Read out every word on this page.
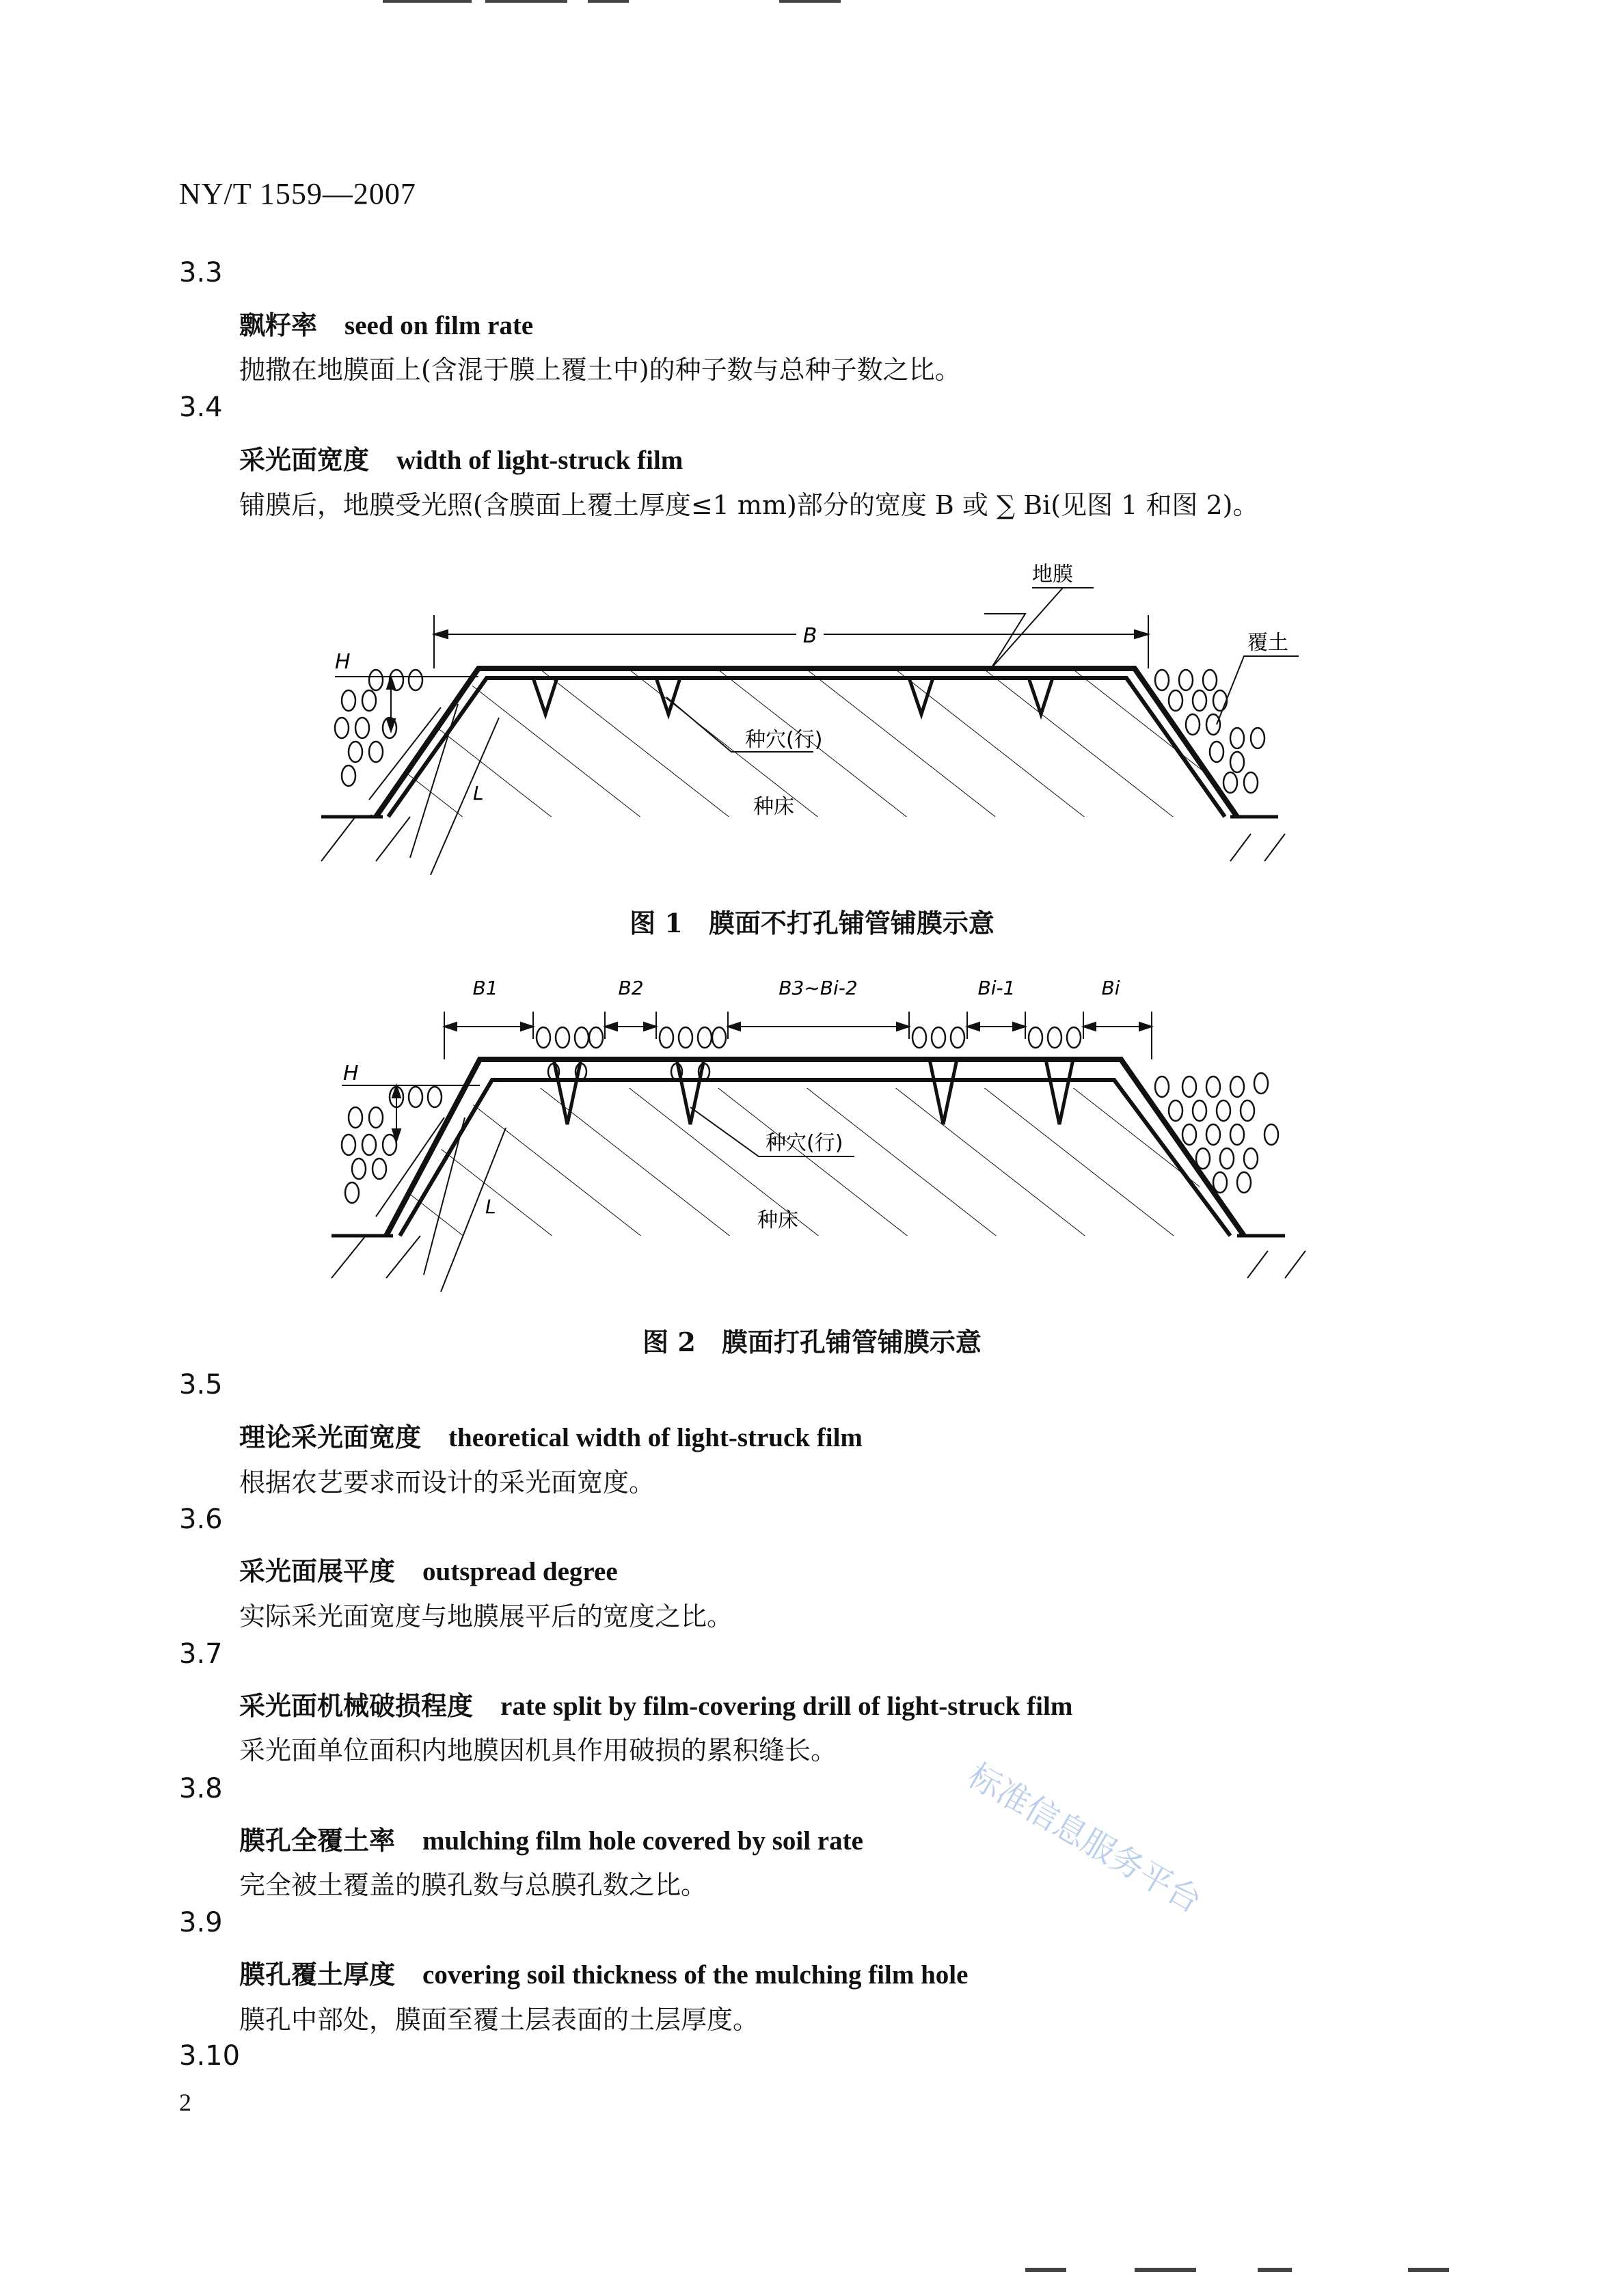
NY/T 1559—2007
3.3
飘籽率 seed on film rate
抛撒在地膜面上(含混于膜上覆土中)的种子数与总种子数之比。
3.4
采光面宽度 width of light-struck film
铺膜后，地膜受光照(含膜面上覆土厚度≤1 mm)部分的宽度 B 或 ∑ Bi(见图 1 和图 2)。
B
地膜
覆土
H
L
种穴(行)
种床
图 1　膜面不打孔铺管铺膜示意
B1	B2	B3~Bi-2	Bi-1	Bi
H
L
种穴(行)
种床
图 2　膜面打孔铺管铺膜示意
3.5
理论采光面宽度 theoretical width of light-struck film
根据农艺要求而设计的采光面宽度。
3.6
采光面展平度 outspread degree
实际采光面宽度与地膜展平后的宽度之比。
3.7
采光面机械破损程度 rate split by film-covering drill of light-struck film
采光面单位面积内地膜因机具作用破损的累积缝长。
3.8
膜孔全覆土率 mulching film hole covered by soil rate
完全被土覆盖的膜孔数与总膜孔数之比。
3.9
膜孔覆土厚度 covering soil thickness of the mulching film hole
膜孔中部处，膜面至覆土层表面的土层厚度。
3.10
2
标准信息服务平台
